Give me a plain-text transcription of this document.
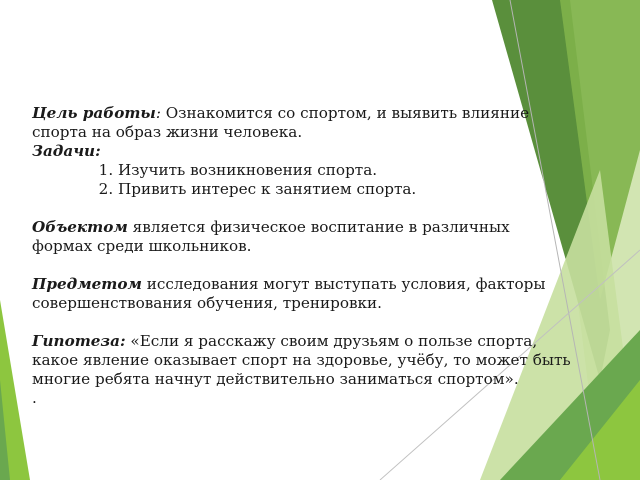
Цель работы: Ознакомится со спортом, и выявить влияние спорта на образ жизни человека.

Задачи:

1. Изучить возникновения спорта.
2. Привить интерес к занятием спорта.

Объектом является физическое воспитание в различных формах среди школьников.

Предметом исследования могут выступать условия, факторы совершенствования обучения, тренировки.

Гипотеза: «Если я расскажу своим друзьям о пользе спорта, какое явление оказывает спорт на здоровье, учёбу, то может быть многие ребята начнут действительно заниматься спортом».

.
